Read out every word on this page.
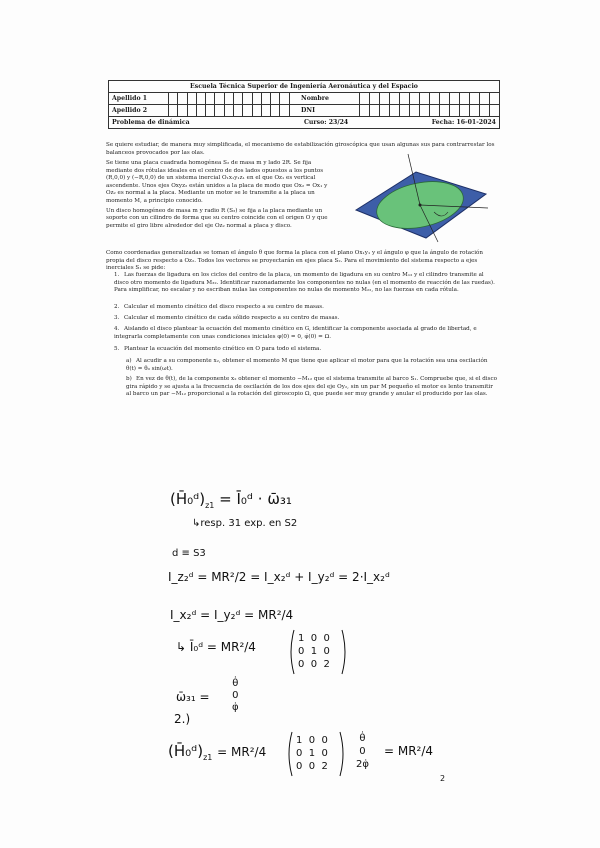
Escuela Técnica Superior de Ingeniería Aeronáutica y del Espacio
Apellido 1	Nombre
Apellido 2	DNI
Problema de dinámica	Curso: 23/24	Fecha: 16-01-2024

Se quiere estudiar, de manera muy simplificada, el mecanismo de estabilización giroscópica que usan algunas sus para contrarrestar los balanceos provocados por las olas.

Se tiene una placa cuadrada homogénea S₂ de masa m y lado 2R. Se fija mediante dos rótulas ideales en el centro de dos lados opuestos a los puntos (R,0,0) y (−R,0,0) de un sistema inercial O₁x₁y₁z₁ en el que Oz₁ es vertical ascendente. Unos ejes Oxyz₂ están unidos a la placa de modo que Ox₂ = Ox₁ y Oz₂ es normal a la placa. Mediante un motor se le transmite a la placa un momento M, a principio conocido.

Un disco homogéneo de masa m y radio R (S₃) se fija a la placa mediante un soporte con un cilindro de forma que su centro coincide con el origen O y que permite el giro libre alrededor del eje Oz₂ normal a placa y disco.

Como coordenadas generalizadas se toman el ángulo θ que forma la placa con el plano Ox₁y₁ y el ángulo φ que la ángulo de rotación propia del disco respecto a Oz₂. Todos los vectores se proyectarán en ejes placa S₂. Para el movimiento del sistema respecto a ejes inerciales S₁ se pide:

1. Las fuerzas de ligadura en los ciclos del centro de la placa, un momento de ligadura en su centro M₁₂ y el cilindro transmite al disco otro momento de ligadura M₃₂. Identificar razonadamente los componentes no nulas (en el momento de reacción de las ruedas). Para simplificar, no escalar y no escriban nulas las componentes no nulas de momento M₂₂, no las fuerzas en cada rótula.
2. Calcular el momento cinético del disco respecto a su centro de masas.
3. Calcular el momento cinético de cada sólido respecto a su centro de masas.
4. Aislando el disco plantear la ecuación del momento cinético en G, identificar la componente asociada al grado de libertad, e integrarla completamente con unas condiciones iniciales φ(0) = 0, φ̇(0) = Ω.
5. Plantear la ecuación del momento cinético en O para todo el sistema.
a) Al acudir a su componente x₂, obtener el momento M que tiene que aplicar el motor para que la rotación sea una oscilación θ(t) = θ₀ sin(ωt).
b) En vez de θ(t), de la componente x₂ obtener el momento −M₁₂ que el sistema transmite al barco S₁. Compruebe que, si el disco gira rápido y se ajusta a la frecuencia de oscilación de los dos ejes del eje Oy₂, sin un par M pequeño el motor es lento transmitir al barco un par −M₁₂ proporcional a la rotación del giroscopio Ω, que puede ser muy grande y anular el producido por las olas.
$(H̄_0ᵈ)_{z1}$ = Ī₀ᵈ · ω̄₃₁
↳resp. 31 exp. en S2
d ≡ S3
I_z₂ᵈ = MR²/2 = I_x₂ᵈ + I_y₂ᵈ = 2·I_x₂ᵈ
I_x₂ᵈ = I_y₂ᵈ = MR²/4
↳ Ī₀ᵈ = MR²/4
1  0  0
0  1  0
0  0  2
ω̄₃₁ =
θ̇
0
φ̇
2.)
$(H̄_0ᵈ)_{z1} = MR^2/4$
1  0  0
0  1  0
0  0  2
θ̇
0
2φ̇
= MR²/4
2
